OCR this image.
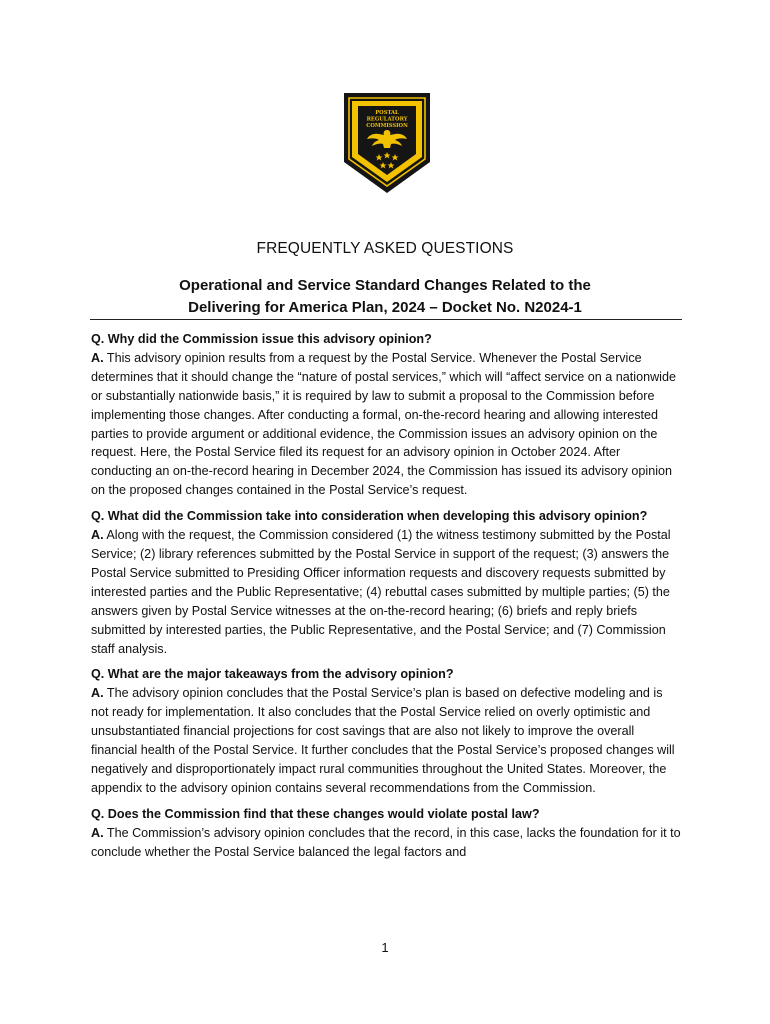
POSTAL
REGULATORY
COMMISSION
FREQUENTLY ASKED QUESTIONS
Operational and Service Standard Changes Related to the
Delivering for America Plan, 2024 – Docket No. N2024-1
Q. Why did the Commission issue this advisory opinion?
A. This advisory opinion results from a request by the Postal Service. Whenever the Postal Service determines that it should change the “nature of postal services,” which will “affect service on a nationwide or substantially nationwide basis,” it is required by law to submit a proposal to the Commission before implementing those changes. After conducting a formal, on-the-record hearing and allowing interested parties to provide argument or additional evidence, the Commission issues an advisory opinion on the request. Here, the Postal Service filed its request for an advisory opinion in October 2024. After conducting an on-the-record hearing in December 2024, the Commission has issued its advisory opinion on the proposed changes contained in the Postal Service’s request.
Q. What did the Commission take into consideration when developing this advisory opinion?
A. Along with the request, the Commission considered (1) the witness testimony submitted by the Postal Service; (2) library references submitted by the Postal Service in support of the request; (3) answers the Postal Service submitted to Presiding Officer information requests and discovery requests submitted by interested parties and the Public Representative; (4) rebuttal cases submitted by multiple parties; (5) the answers given by Postal Service witnesses at the on-the-record hearing; (6) briefs and reply briefs submitted by interested parties, the Public Representative, and the Postal Service; and (7) Commission staff analysis.
Q. What are the major takeaways from the advisory opinion?
A. The advisory opinion concludes that the Postal Service’s plan is based on defective modeling and is not ready for implementation. It also concludes that the Postal Service relied on overly optimistic and unsubstantiated financial projections for cost savings that are also not likely to improve the overall financial health of the Postal Service. It further concludes that the Postal Service’s proposed changes will negatively and disproportionately impact rural communities throughout the United States. Moreover, the appendix to the advisory opinion contains several recommendations from the Commission.
Q. Does the Commission find that these changes would violate postal law?
A. The Commission’s advisory opinion concludes that the record, in this case, lacks the foundation for it to conclude whether the Postal Service balanced the legal factors and
1
